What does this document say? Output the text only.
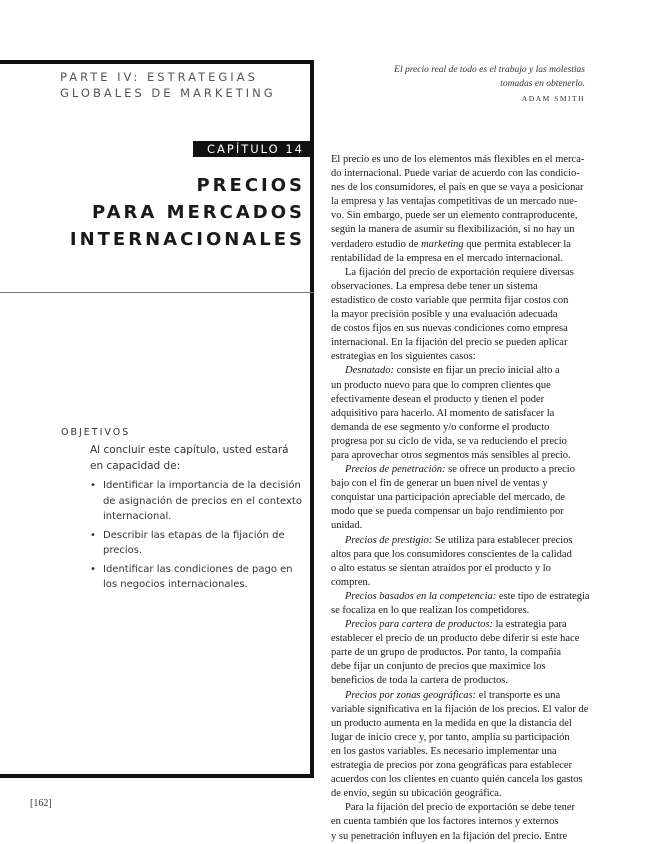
PARTE IV: ESTRATEGIAS
GLOBALES DE MARKETING
CAPÍTULO 14
PRECIOS
PARA MERCADOS
INTERNACIONALES
OBJETIVOS

Al concluir este capítulo, usted estará en capacidad de:

• Identificar la importancia de la decisión de asignación de precios en el contexto internacional.
• Describir las etapas de la fijación de precios.
• Identificar las condiciones de pago en los negocios internacionales.
El precio real de todo es el trabajo y las molestias
tomadas en obtenerlo.
ADAM SMITH
El precio es uno de los elementos más flexibles en el merca-
do internacional. Puede variar de acuerdo con las condicio-
nes de los consumidores, el país en que se vaya a posicionar
la empresa y las ventajas competitivas de un mercado nue-
vo. Sin embargo, puede ser un elemento contraproducente,
según la manera de asumir su flexibilización, si no hay un
verdadero estudio de marketing que permita establecer la
rentabilidad de la empresa en el mercado internacional.
La fijación del precio de exportación requiere diversas
observaciones. La empresa debe tener un sistema
estadístico de costo variable que permita fijar costos con
la mayor precisión posible y una evaluación adecuada
de costos fijos en sus nuevas condiciones como empresa
internacional. En la fijación del precio se pueden aplicar
estrategias en los siguientes casos:
Desnatado: consiste en fijar un precio inicial alto a
un producto nuevo para que lo compren clientes que
efectivamente desean el producto y tienen el poder
adquisitivo para hacerlo. Al momento de satisfacer la
demanda de ese segmento y/o conforme el producto
progresa por su ciclo de vida, se va reduciendo el precio
para aprovechar otros segmentos más sensibles al precio.
Precios de penetración: se ofrece un producto a precio
bajo con el fin de generar un buen nivel de ventas y
conquistar una participación apreciable del mercado, de
modo que se pueda compensar un bajo rendimiento por
unidad.
Precios de prestigio: Se utiliza para establecer precios
altos para que los consumidores conscientes de la calidad
o alto estatus se sientan atraídos por el producto y lo
compren.
Precios basados en la competencia: este tipo de estrategia
se focaliza en lo que realizan los competidores.
Precios para cartera de productos: la estrategia para
establecer el precio de un producto debe diferir si este hace
parte de un grupo de productos. Por tanto, la compañía
debe fijar un conjunto de precios que maximice los
beneficios de toda la cartera de productos.
Precios por zonas geográficas: el transporte es una
variable significativa en la fijación de los precios. El valor de
un producto aumenta en la medida en que la distancia del
lugar de inicio crece y, por tanto, amplía su participación
en los gastos variables. Es necesario implementar una
estrategia de precios por zona geográficas para establecer
acuerdos con los clientes en cuanto quién cancela los gastos
de envío, según su ubicación geográfica.
Para la fijación del precio de exportación se debe tener
en cuenta también que los factores internos y externos
y su penetración influyen en la fijación del precio. Entre
[162]
